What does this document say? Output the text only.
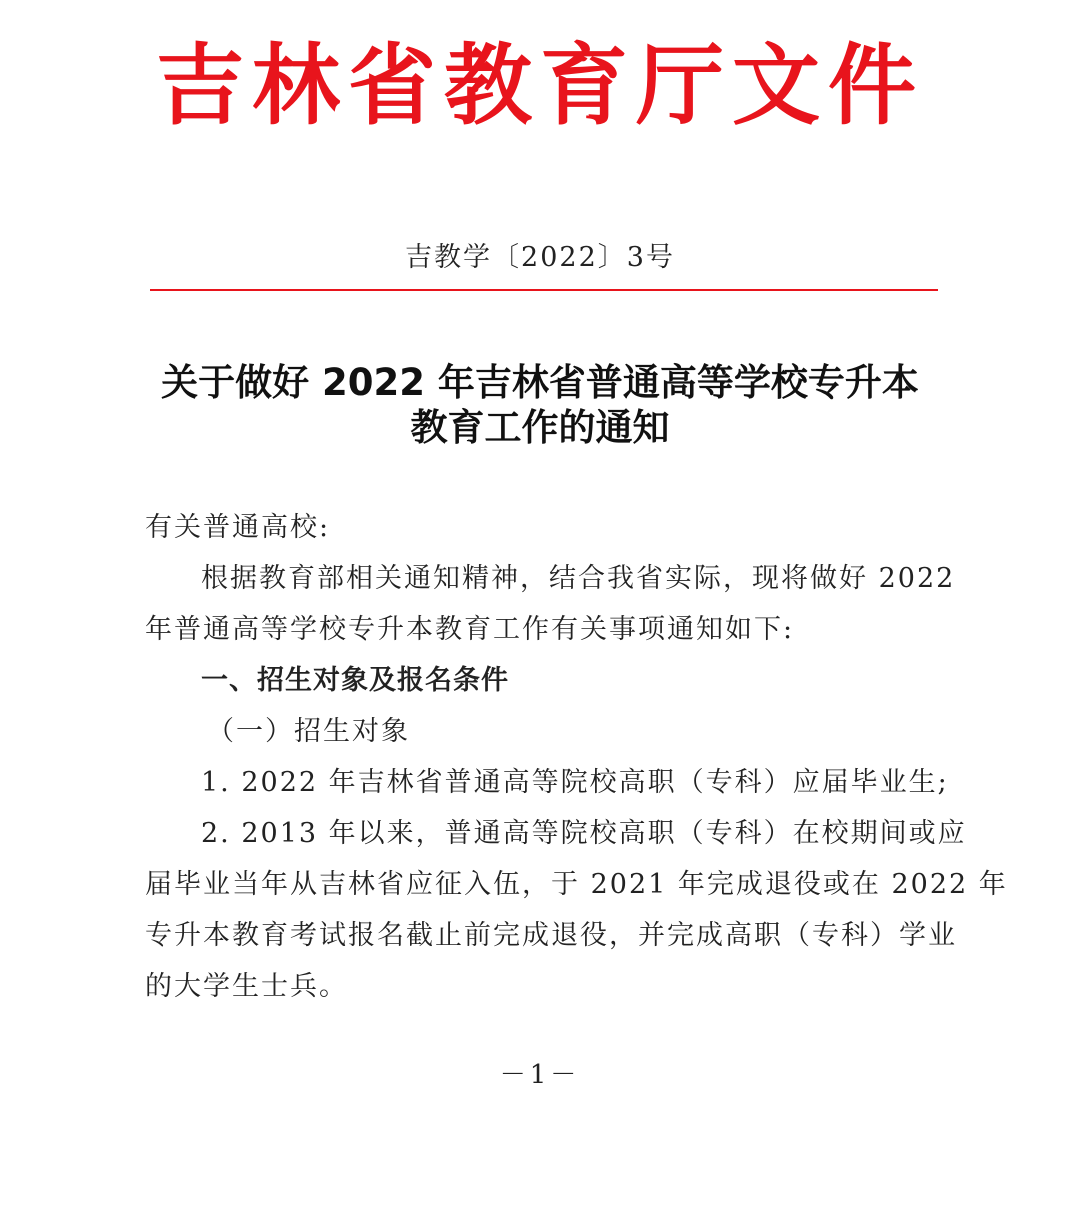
吉林省教育厅文件
吉教学〔2022〕3号
关于做好 2022 年吉林省普通高等学校专升本
教育工作的通知
有关普通高校:
根据教育部相关通知精神，结合我省实际，现将做好 2022
年普通高等学校专升本教育工作有关事项通知如下:
一、招生对象及报名条件
（一）招生对象
1. 2022 年吉林省普通高等院校高职（专科）应届毕业生;
2. 2013 年以来，普通高等院校高职（专科）在校期间或应
届毕业当年从吉林省应征入伍，于 2021 年完成退役或在 2022 年
专升本教育考试报名截止前完成退役，并完成高职（专科）学业
的大学生士兵。
－1－
